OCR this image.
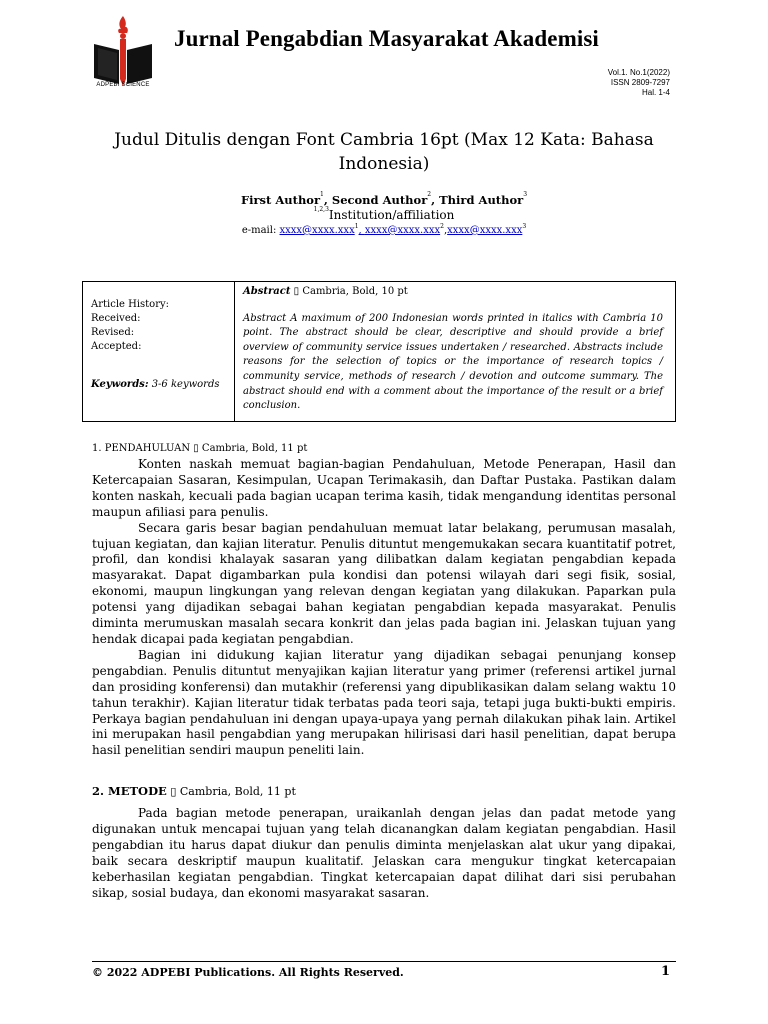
ADPEBI SCIENCE
Jurnal Pengabdian Masyarakat Akademisi
Vol.1. No.1(2022)
ISSN 2809-7297
Hal. 1-4
Judul Ditulis dengan Font Cambria 16pt (Max 12 Kata: Bahasa
Indonesia)
First Author$^1$, Second Author$^2$, Third Author$^3$
$^{1,2,3}$Institution/affiliation
e-mail: xxxx@xxxx.xxx$^1$, xxxx@xxxx.xxx$^2$,xxxx@xxxx.xxx$^3$
Article History:
Received:
Revised:
Accepted:
Keywords: 3-6 keywords
Abstract ▯ Cambria, Bold, 10 pt
Abstract A maximum of 200 Indonesian words printed in italics with Cambria 10 point. The abstract should be clear, descriptive and should provide a brief overview of community service issues undertaken / researched. Abstracts include reasons for the selection of topics or the importance of research topics / community service, methods of research / devotion and outcome summary. The abstract should end with a comment about the importance of the result or a brief conclusion.
1. PENDAHULUAN ▯ Cambria, Bold, 11 pt

Konten naskah memuat bagian-bagian Pendahuluan, Metode Penerapan, Hasil dan Ketercapaian Sasaran, Kesimpulan, Ucapan Terimakasih, dan Daftar Pustaka. Pastikan dalam konten naskah, kecuali pada bagian ucapan terima kasih, tidak mengandung identitas personal maupun afiliasi para penulis.

Secara garis besar bagian pendahuluan memuat latar belakang, perumusan masalah, tujuan kegiatan, dan kajian literatur. Penulis dituntut mengemukakan secara kuantitatif potret, profil, dan kondisi khalayak sasaran yang dilibatkan dalam kegiatan pengabdian kepada masyarakat. Dapat digambarkan pula kondisi dan potensi wilayah dari segi fisik, sosial, ekonomi, maupun lingkungan yang relevan dengan kegiatan yang dilakukan. Paparkan pula potensi yang dijadikan sebagai bahan kegiatan pengabdian kepada masyarakat. Penulis diminta merumuskan masalah secara konkrit dan jelas pada bagian ini. Jelaskan tujuan yang hendak dicapai pada kegiatan pengabdian.

Bagian ini didukung kajian literatur yang dijadikan sebagai penunjang konsep pengabdian. Penulis dituntut menyajikan kajian literatur yang primer (referensi artikel jurnal dan prosiding konferensi) dan mutakhir (referensi yang dipublikasikan dalam selang waktu 10 tahun terakhir). Kajian literatur tidak terbatas pada teori saja, tetapi juga bukti-bukti empiris. Perkaya bagian pendahuluan ini dengan upaya-upaya yang pernah dilakukan pihak lain. Artikel ini merupakan hasil pengabdian yang merupakan hilirisasi dari hasil penelitian, dapat berupa hasil penelitian sendiri maupun peneliti lain.

2. METODE ▯ Cambria, Bold, 11 pt

Pada bagian metode penerapan, uraikanlah dengan jelas dan padat metode yang digunakan untuk mencapai tujuan yang telah dicanangkan dalam kegiatan pengabdian. Hasil pengabdian itu harus dapat diukur dan penulis diminta menjelaskan alat ukur yang dipakai, baik secara deskriptif maupun kualitatif. Jelaskan cara mengukur tingkat ketercapaian keberhasilan kegiatan pengabdian. Tingkat ketercapaian dapat dilihat dari sisi perubahan sikap, sosial budaya, dan ekonomi masyarakat sasaran.

© 2022 ADPEBI Publications. All Rights Reserved.	1
